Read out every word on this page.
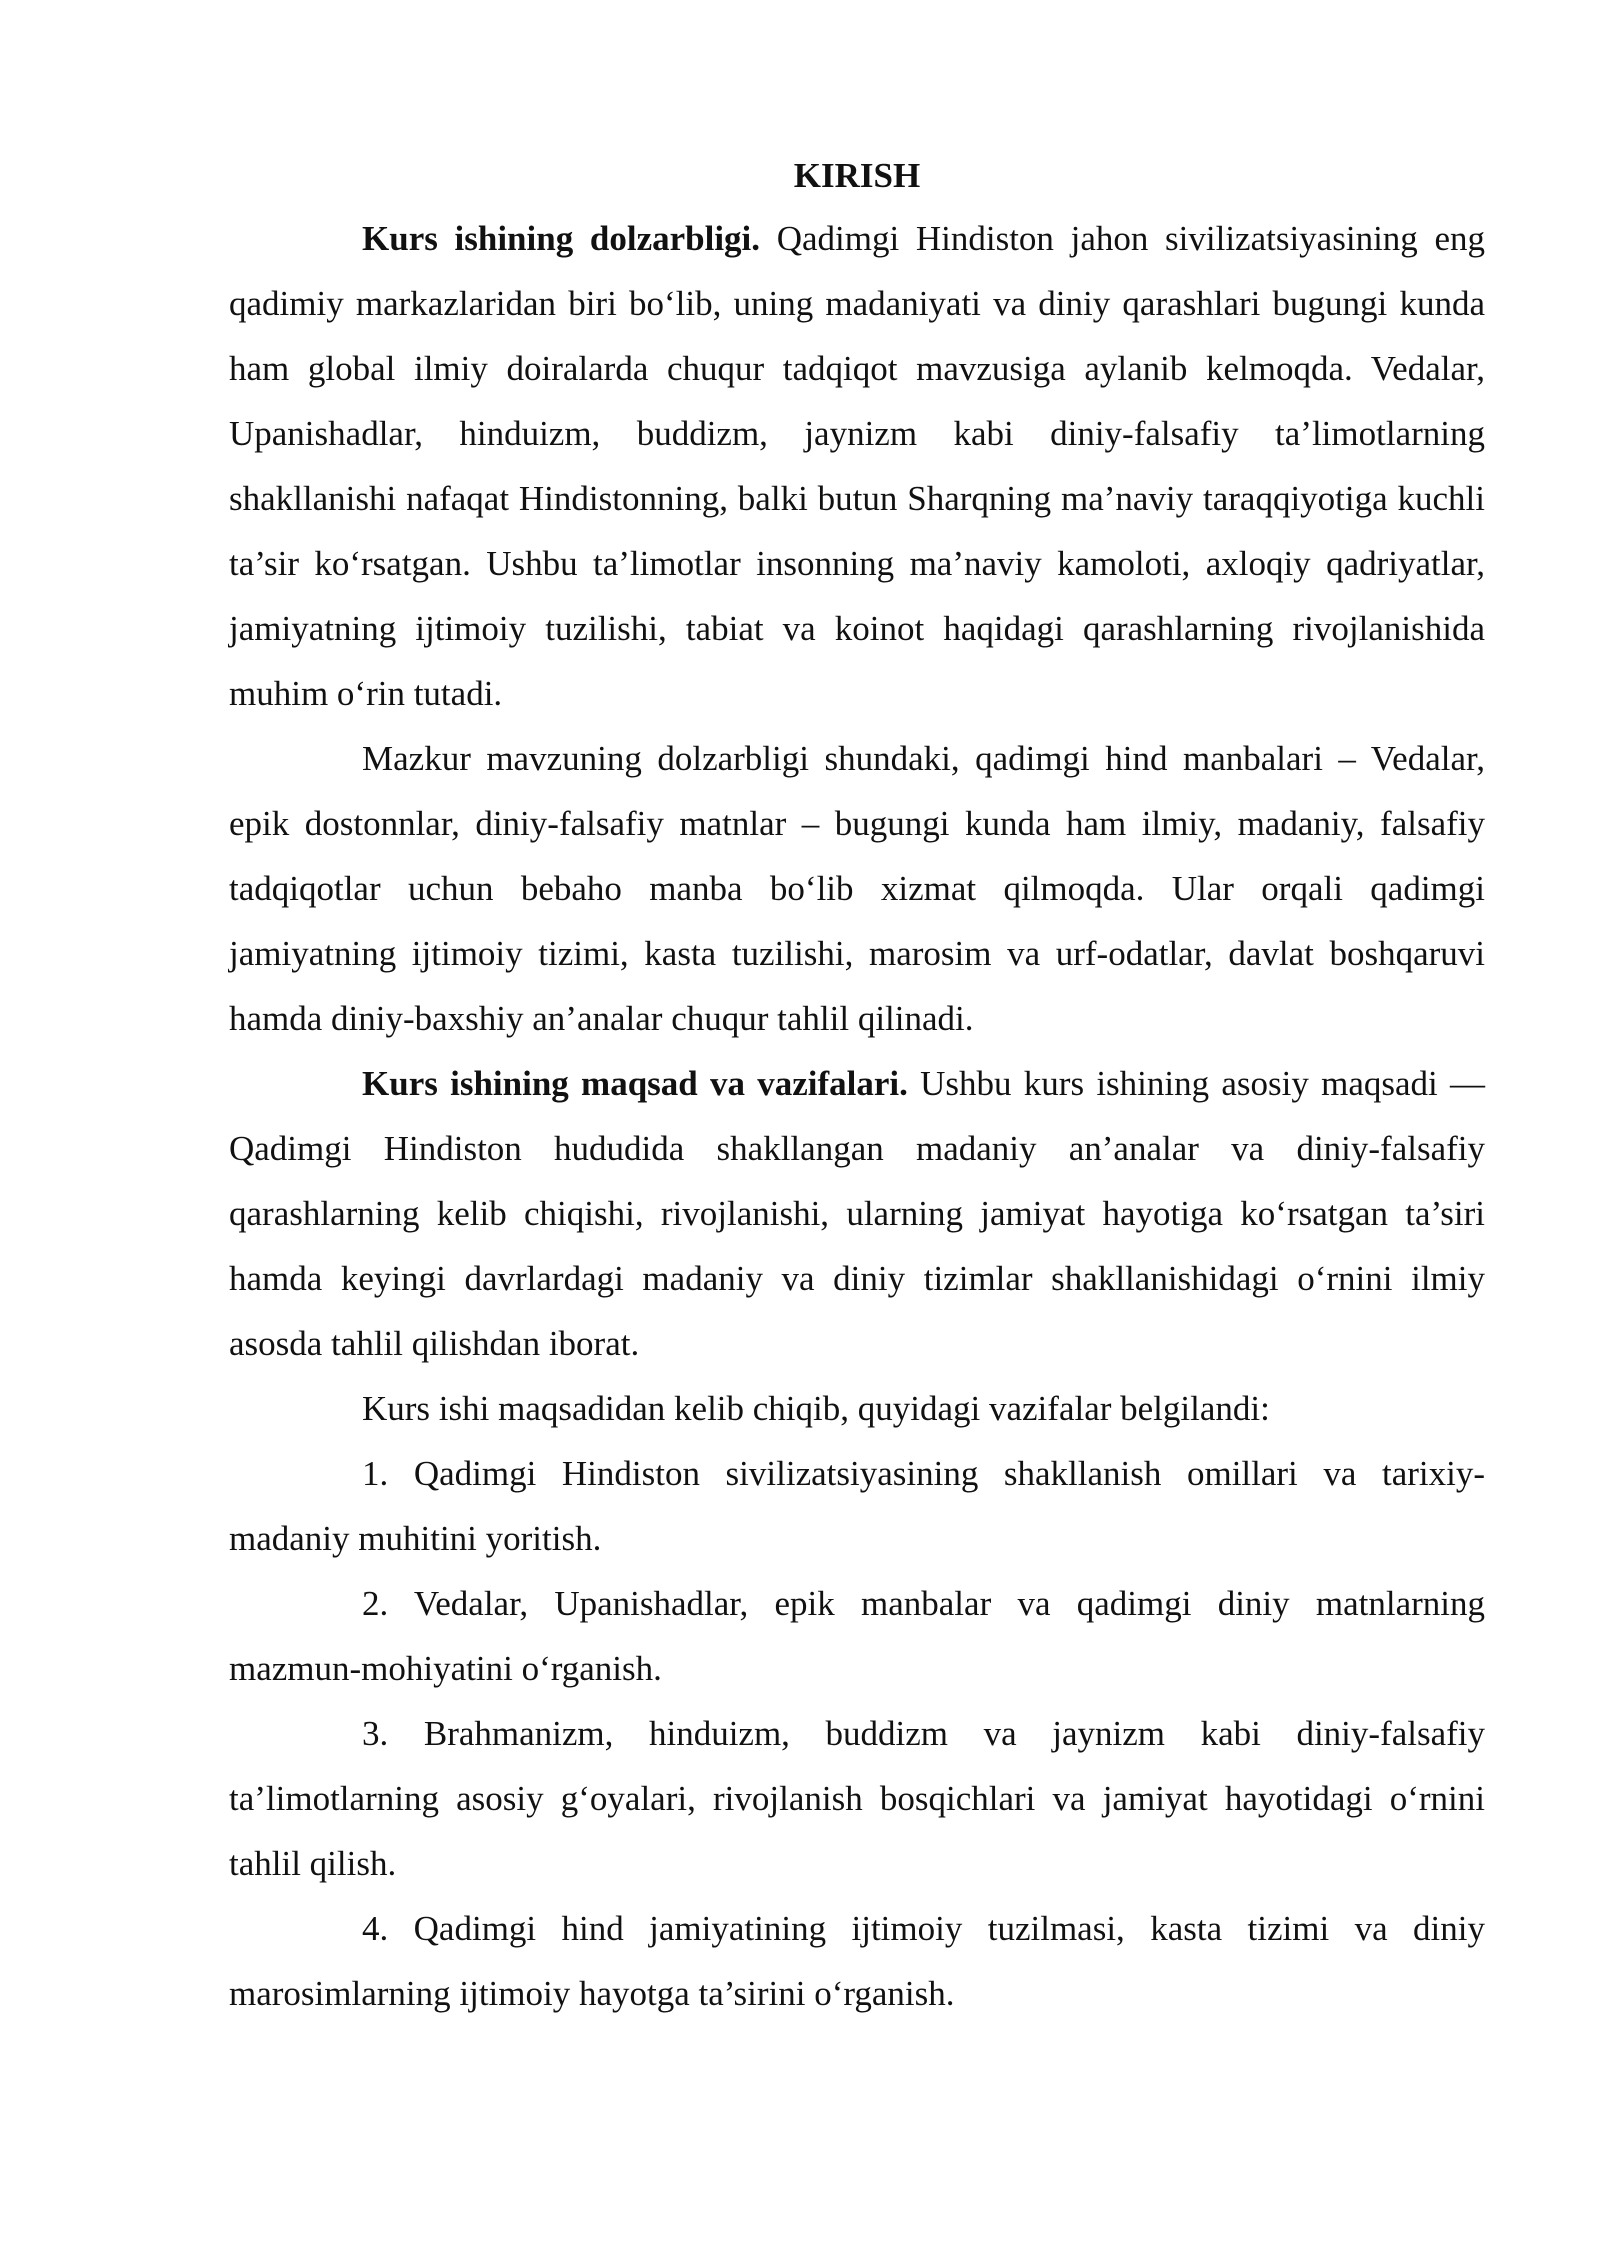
KIRISH

Kurs ishining dolzarbligi. Qadimgi Hindiston jahon sivilizatsiyasining eng qadimiy markazlaridan biri bo‘lib, uning madaniyati va diniy qarashlari bugungi kunda ham global ilmiy doiralarda chuqur tadqiqot mavzusiga aylanib kelmoqda. Vedalar, Upanishadlar, hinduizm, buddizm, jaynizm kabi diniy-falsafiy ta’limotlarning shakllanishi nafaqat Hindistonning, balki butun Sharqning ma’naviy taraqqiyotiga kuchli ta’sir ko‘rsatgan. Ushbu ta’limotlar insonning ma’naviy kamoloti, axloqiy qadriyatlar, jamiyatning ijtimoiy tuzilishi, tabiat va koinot haqidagi qarashlarning rivojlanishida muhim o‘rin tutadi.

Mazkur mavzuning dolzarbligi shundaki, qadimgi hind manbalari – Vedalar, epik dostonnlar, diniy-falsafiy matnlar – bugungi kunda ham ilmiy, madaniy, falsafiy tadqiqotlar uchun bebaho manba bo‘lib xizmat qilmoqda. Ular orqali qadimgi jamiyatning ijtimoiy tizimi, kasta tuzilishi, marosim va urf-odatlar, davlat boshqaruvi hamda diniy-baxshiy an’analar chuqur tahlil qilinadi.

Kurs ishining maqsad va vazifalari. Ushbu kurs ishining asosiy maqsadi — Qadimgi Hindiston hududida shakllangan madaniy an’analar va diniy-falsafiy qarashlarning kelib chiqishi, rivojlanishi, ularning jamiyat hayotiga ko‘rsatgan ta’siri hamda keyingi davrlardagi madaniy va diniy tizimlar shakllanishidagi o‘rnini ilmiy asosda tahlil qilishdan iborat.

Kurs ishi maqsadidan kelib chiqib, quyidagi vazifalar belgilandi:

1. Qadimgi Hindiston sivilizatsiyasining shakllanish omillari va tarixiy-madaniy muhitini yoritish.

2. Vedalar, Upanishadlar, epik manbalar va qadimgi diniy matnlarning mazmun-mohiyatini o‘rganish.

3. Brahmanizm, hinduizm, buddizm va jaynizm kabi diniy-falsafiy ta’limotlarning asosiy g‘oyalari, rivojlanish bosqichlari va jamiyat hayotidagi o‘rnini tahlil qilish.

4. Qadimgi hind jamiyatining ijtimoiy tuzilmasi, kasta tizimi va diniy marosimlarning ijtimoiy hayotga ta’sirini o‘rganish.
